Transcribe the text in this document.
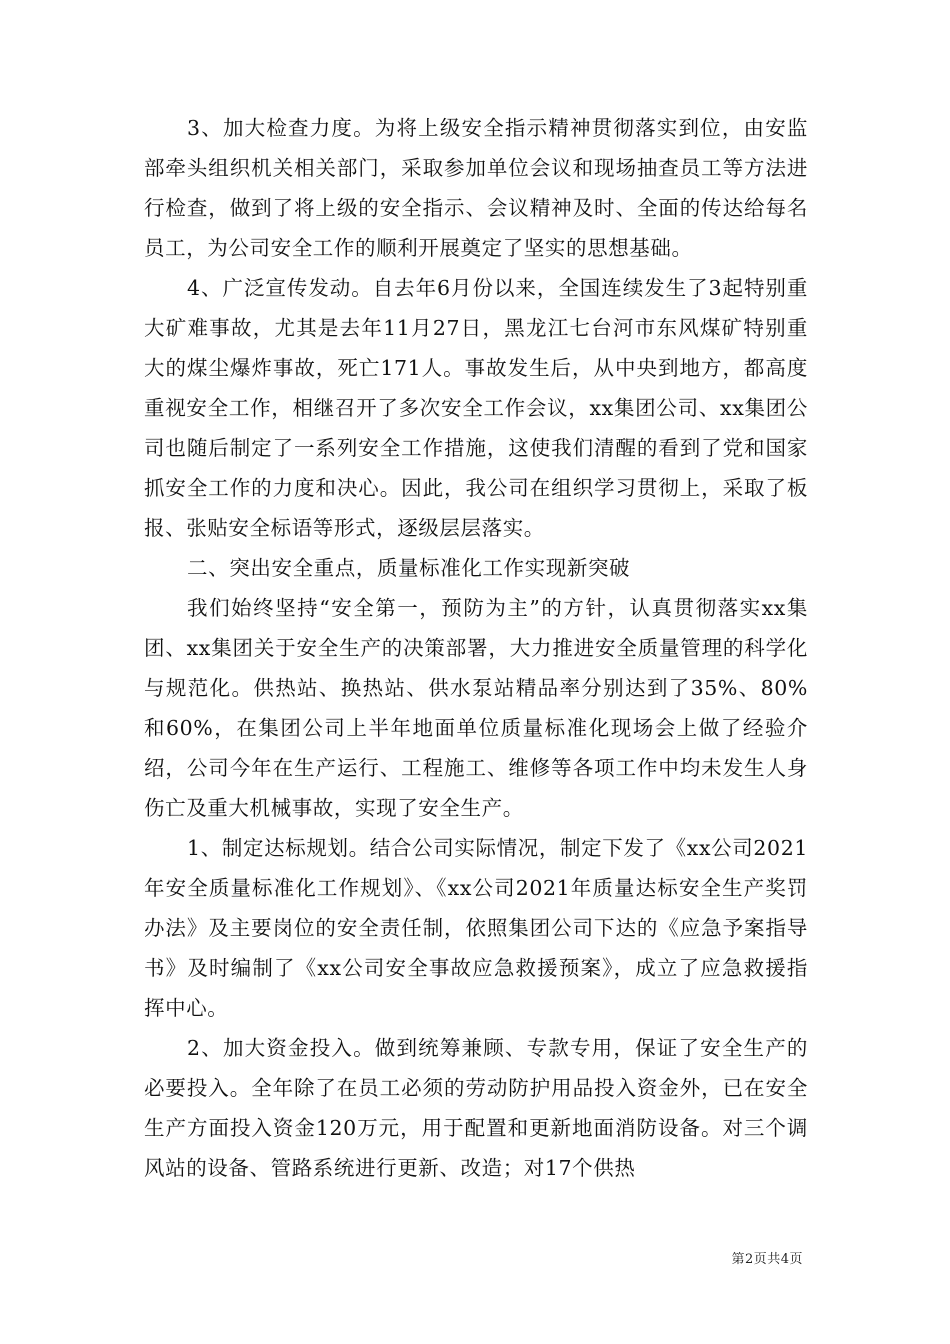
3、加大检查力度。为将上级安全指示精神贯彻落实到位，由安监部牵头组织机关相关部门，采取参加单位会议和现场抽查员工等方法进行检查，做到了将上级的安全指示、会议精神及时、全面的传达给每名员工，为公司安全工作的顺利开展奠定了坚实的思想基础。

4、广泛宣传发动。自去年6月份以来，全国连续发生了3起特别重大矿难事故，尤其是去年11月27日，黑龙江七台河市东风煤矿特别重大的煤尘爆炸事故，死亡171人。事故发生后，从中央到地方，都高度重视安全工作，相继召开了多次安全工作会议，xx集团公司、xx集团公司也随后制定了一系列安全工作措施，这使我们清醒的看到了党和国家抓安全工作的力度和决心。因此，我公司在组织学习贯彻上，采取了板报、张贴安全标语等形式，逐级层层落实。

二、突出安全重点，质量标准化工作实现新突破

我们始终坚持“安全第一，预防为主”的方针，认真贯彻落实xx集团、xx集团关于安全生产的决策部署，大力推进安全质量管理的科学化与规范化。供热站、换热站、供水泵站精品率分别达到了35%、80%和60%，在集团公司上半年地面单位质量标准化现场会上做了经验介绍，公司今年在生产运行、工程施工、维修等各项工作中均未发生人身伤亡及重大机械事故，实现了安全生产。

1、制定达标规划。结合公司实际情况，制定下发了《xx公司2021年安全质量标准化工作规划》、《xx公司2021年质量达标安全生产奖罚办法》及主要岗位的安全责任制，依照集团公司下达的《应急予案指导书》及时编制了《xx公司安全事故应急救援预案》，成立了应急救援指挥中心。

2、加大资金投入。做到统筹兼顾、专款专用，保证了安全生产的必要投入。全年除了在员工必须的劳动防护用品投入资金外，已在安全生产方面投入资金120万元，用于配置和更新地面消防设备。对三个调风站的设备、管路系统进行更新、改造；对17个供热

第2页共4页
